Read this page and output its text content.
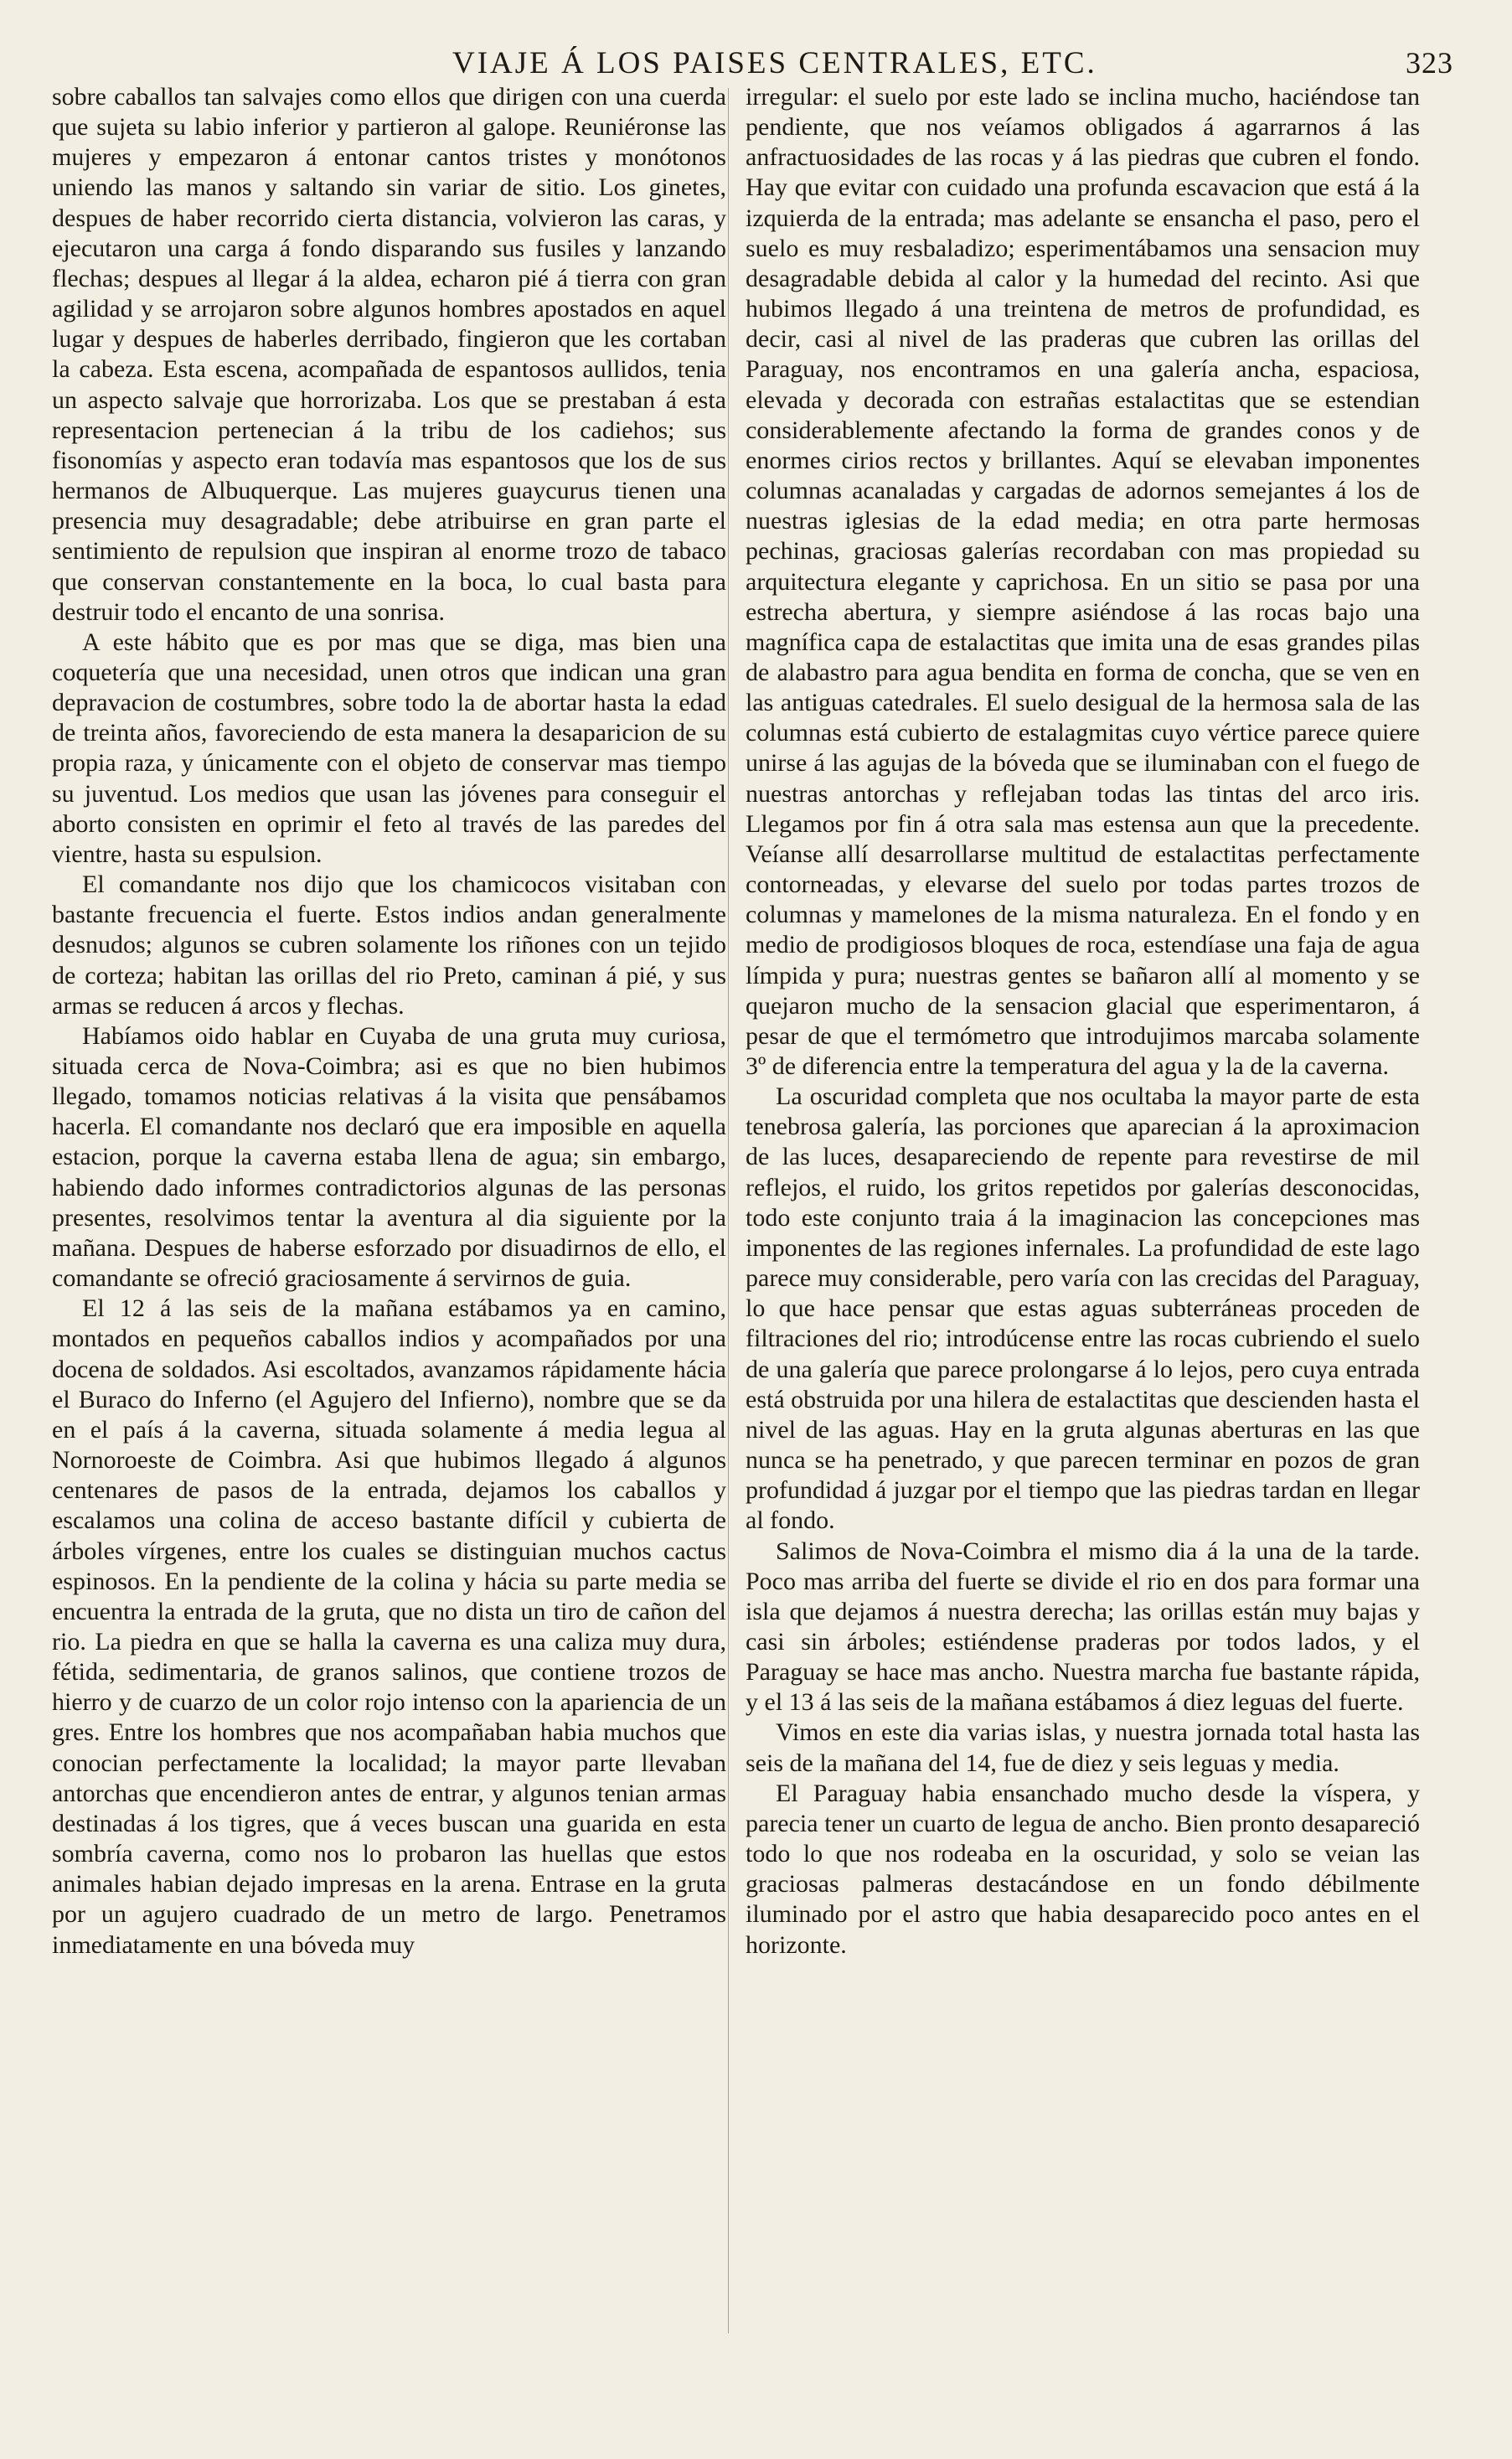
VIAJE Á LOS PAISES CENTRALES, ETC.	323

sobre caballos tan salvajes como ellos que dirigen con una cuerda que sujeta su labio inferior y partieron al galope. Reuniéronse las mujeres y empezaron á entonar cantos tristes y monótonos uniendo las manos y saltando sin variar de sitio. Los ginetes, despues de haber recorrido cierta distancia, volvieron las caras, y ejecutaron una carga á fondo disparando sus fusiles y lanzando flechas; despues al llegar á la aldea, echaron pié á tierra con gran agilidad y se arrojaron sobre algunos hombres apostados en aquel lugar y despues de haberles derribado, fingieron que les cortaban la cabeza. Esta escena, acompañada de espantosos aullidos, tenia un aspecto salvaje que horrorizaba. Los que se prestaban á esta representacion pertenecian á la tribu de los cadiehos; sus fisonomías y aspecto eran todavía mas espantosos que los de sus hermanos de Albuquerque. Las mujeres guaycurus tienen una presencia muy desagradable; debe atribuirse en gran parte el sentimiento de repulsion que inspiran al enorme trozo de tabaco que conservan constantemente en la boca, lo cual basta para destruir todo el encanto de una sonrisa.

A este hábito que es por mas que se diga, mas bien una coquetería que una necesidad, unen otros que indican una gran depravacion de costumbres, sobre todo la de abortar hasta la edad de treinta años, favoreciendo de esta manera la desaparicion de su propia raza, y únicamente con el objeto de conservar mas tiempo su juventud. Los medios que usan las jóvenes para conseguir el aborto consisten en oprimir el feto al través de las paredes del vientre, hasta su espulsion.

El comandante nos dijo que los chamicocos visitaban con bastante frecuencia el fuerte. Estos indios andan generalmente desnudos; algunos se cubren solamente los riñones con un tejido de corteza; habitan las orillas del rio Preto, caminan á pié, y sus armas se reducen á arcos y flechas.

Habíamos oido hablar en Cuyaba de una gruta muy curiosa, situada cerca de Nova-Coimbra; asi es que no bien hubimos llegado, tomamos noticias relativas á la visita que pensábamos hacerla. El comandante nos declaró que era imposible en aquella estacion, porque la caverna estaba llena de agua; sin embargo, habiendo dado informes contradictorios algunas de las personas presentes, resolvimos tentar la aventura al dia siguiente por la mañana. Despues de haberse esforzado por disuadirnos de ello, el comandante se ofreció graciosamente á servirnos de guia.

El 12 á las seis de la mañana estábamos ya en camino, montados en pequeños caballos indios y acompañados por una docena de soldados. Asi escoltados, avanzamos rápidamente hácia el Buraco do Inferno (el Agujero del Infierno), nombre que se da en el país á la caverna, situada solamente á media legua al Nornoroeste de Coimbra. Asi que hubimos llegado á algunos centenares de pasos de la entrada, dejamos los caballos y escalamos una colina de acceso bastante difícil y cubierta de árboles vírgenes, entre los cuales se distinguian muchos cactus espinosos. En la pendiente de la colina y hácia su parte media se encuentra la entrada de la gruta, que no dista un tiro de cañon del rio. La piedra en que se halla la caverna es una caliza muy dura, fétida, sedimentaria, de granos salinos, que contiene trozos de hierro y de cuarzo de un color rojo intenso con la apariencia de un gres. Entre los hombres que nos acompañaban habia muchos que conocian perfectamente la localidad; la mayor parte llevaban antorchas que encendieron antes de entrar, y algunos tenian armas destinadas á los tigres, que á veces buscan una guarida en esta sombría caverna, como nos lo probaron las huellas que estos animales habian dejado impresas en la arena. Entrase en la gruta por un agujero cuadrado de un metro de largo. Penetramos inmediatamente en una bóveda muy

irregular: el suelo por este lado se inclina mucho, haciéndose tan pendiente, que nos veíamos obligados á agarrarnos á las anfractuosidades de las rocas y á las piedras que cubren el fondo. Hay que evitar con cuidado una profunda escavacion que está á la izquierda de la entrada; mas adelante se ensancha el paso, pero el suelo es muy resbaladizo; esperimentábamos una sensacion muy desagradable debida al calor y la humedad del recinto. Asi que hubimos llegado á una treintena de metros de profundidad, es decir, casi al nivel de las praderas que cubren las orillas del Paraguay, nos encontramos en una galería ancha, espaciosa, elevada y decorada con estrañas estalactitas que se estendian considerablemente afectando la forma de grandes conos y de enormes cirios rectos y brillantes. Aquí se elevaban imponentes columnas acanaladas y cargadas de adornos semejantes á los de nuestras iglesias de la edad media; en otra parte hermosas pechinas, graciosas galerías recordaban con mas propiedad su arquitectura elegante y caprichosa. En un sitio se pasa por una estrecha abertura, y siempre asiéndose á las rocas bajo una magnífica capa de estalactitas que imita una de esas grandes pilas de alabastro para agua bendita en forma de concha, que se ven en las antiguas catedrales. El suelo desigual de la hermosa sala de las columnas está cubierto de estalagmitas cuyo vértice parece quiere unirse á las agujas de la bóveda que se iluminaban con el fuego de nuestras antorchas y reflejaban todas las tintas del arco iris. Llegamos por fin á otra sala mas estensa aun que la precedente. Veíanse allí desarrollarse multitud de estalactitas perfectamente contorneadas, y elevarse del suelo por todas partes trozos de columnas y mamelones de la misma naturaleza. En el fondo y en medio de prodigiosos bloques de roca, estendíase una faja de agua límpida y pura; nuestras gentes se bañaron allí al momento y se quejaron mucho de la sensacion glacial que esperimentaron, á pesar de que el termómetro que introdujimos marcaba solamente 3º de diferencia entre la temperatura del agua y la de la caverna.

La oscuridad completa que nos ocultaba la mayor parte de esta tenebrosa galería, las porciones que aparecian á la aproximacion de las luces, desapareciendo de repente para revestirse de mil reflejos, el ruido, los gritos repetidos por galerías desconocidas, todo este conjunto traia á la imaginacion las concepciones mas imponentes de las regiones infernales. La profundidad de este lago parece muy considerable, pero varía con las crecidas del Paraguay, lo que hace pensar que estas aguas subterráneas proceden de filtraciones del rio; introdúcense entre las rocas cubriendo el suelo de una galería que parece prolongarse á lo lejos, pero cuya entrada está obstruida por una hilera de estalactitas que descienden hasta el nivel de las aguas. Hay en la gruta algunas aberturas en las que nunca se ha penetrado, y que parecen terminar en pozos de gran profundidad á juzgar por el tiempo que las piedras tardan en llegar al fondo.

Salimos de Nova-Coimbra el mismo dia á la una de la tarde. Poco mas arriba del fuerte se divide el rio en dos para formar una isla que dejamos á nuestra derecha; las orillas están muy bajas y casi sin árboles; estiéndense praderas por todos lados, y el Paraguay se hace mas ancho. Nuestra marcha fue bastante rápida, y el 13 á las seis de la mañana estábamos á diez leguas del fuerte.

Vimos en este dia varias islas, y nuestra jornada total hasta las seis de la mañana del 14, fue de diez y seis leguas y media.

El Paraguay habia ensanchado mucho desde la víspera, y parecia tener un cuarto de legua de ancho. Bien pronto desapareció todo lo que nos rodeaba en la oscuridad, y solo se veian las graciosas palmeras destacándose en un fondo débilmente iluminado por el astro que habia desaparecido poco antes en el horizonte.
